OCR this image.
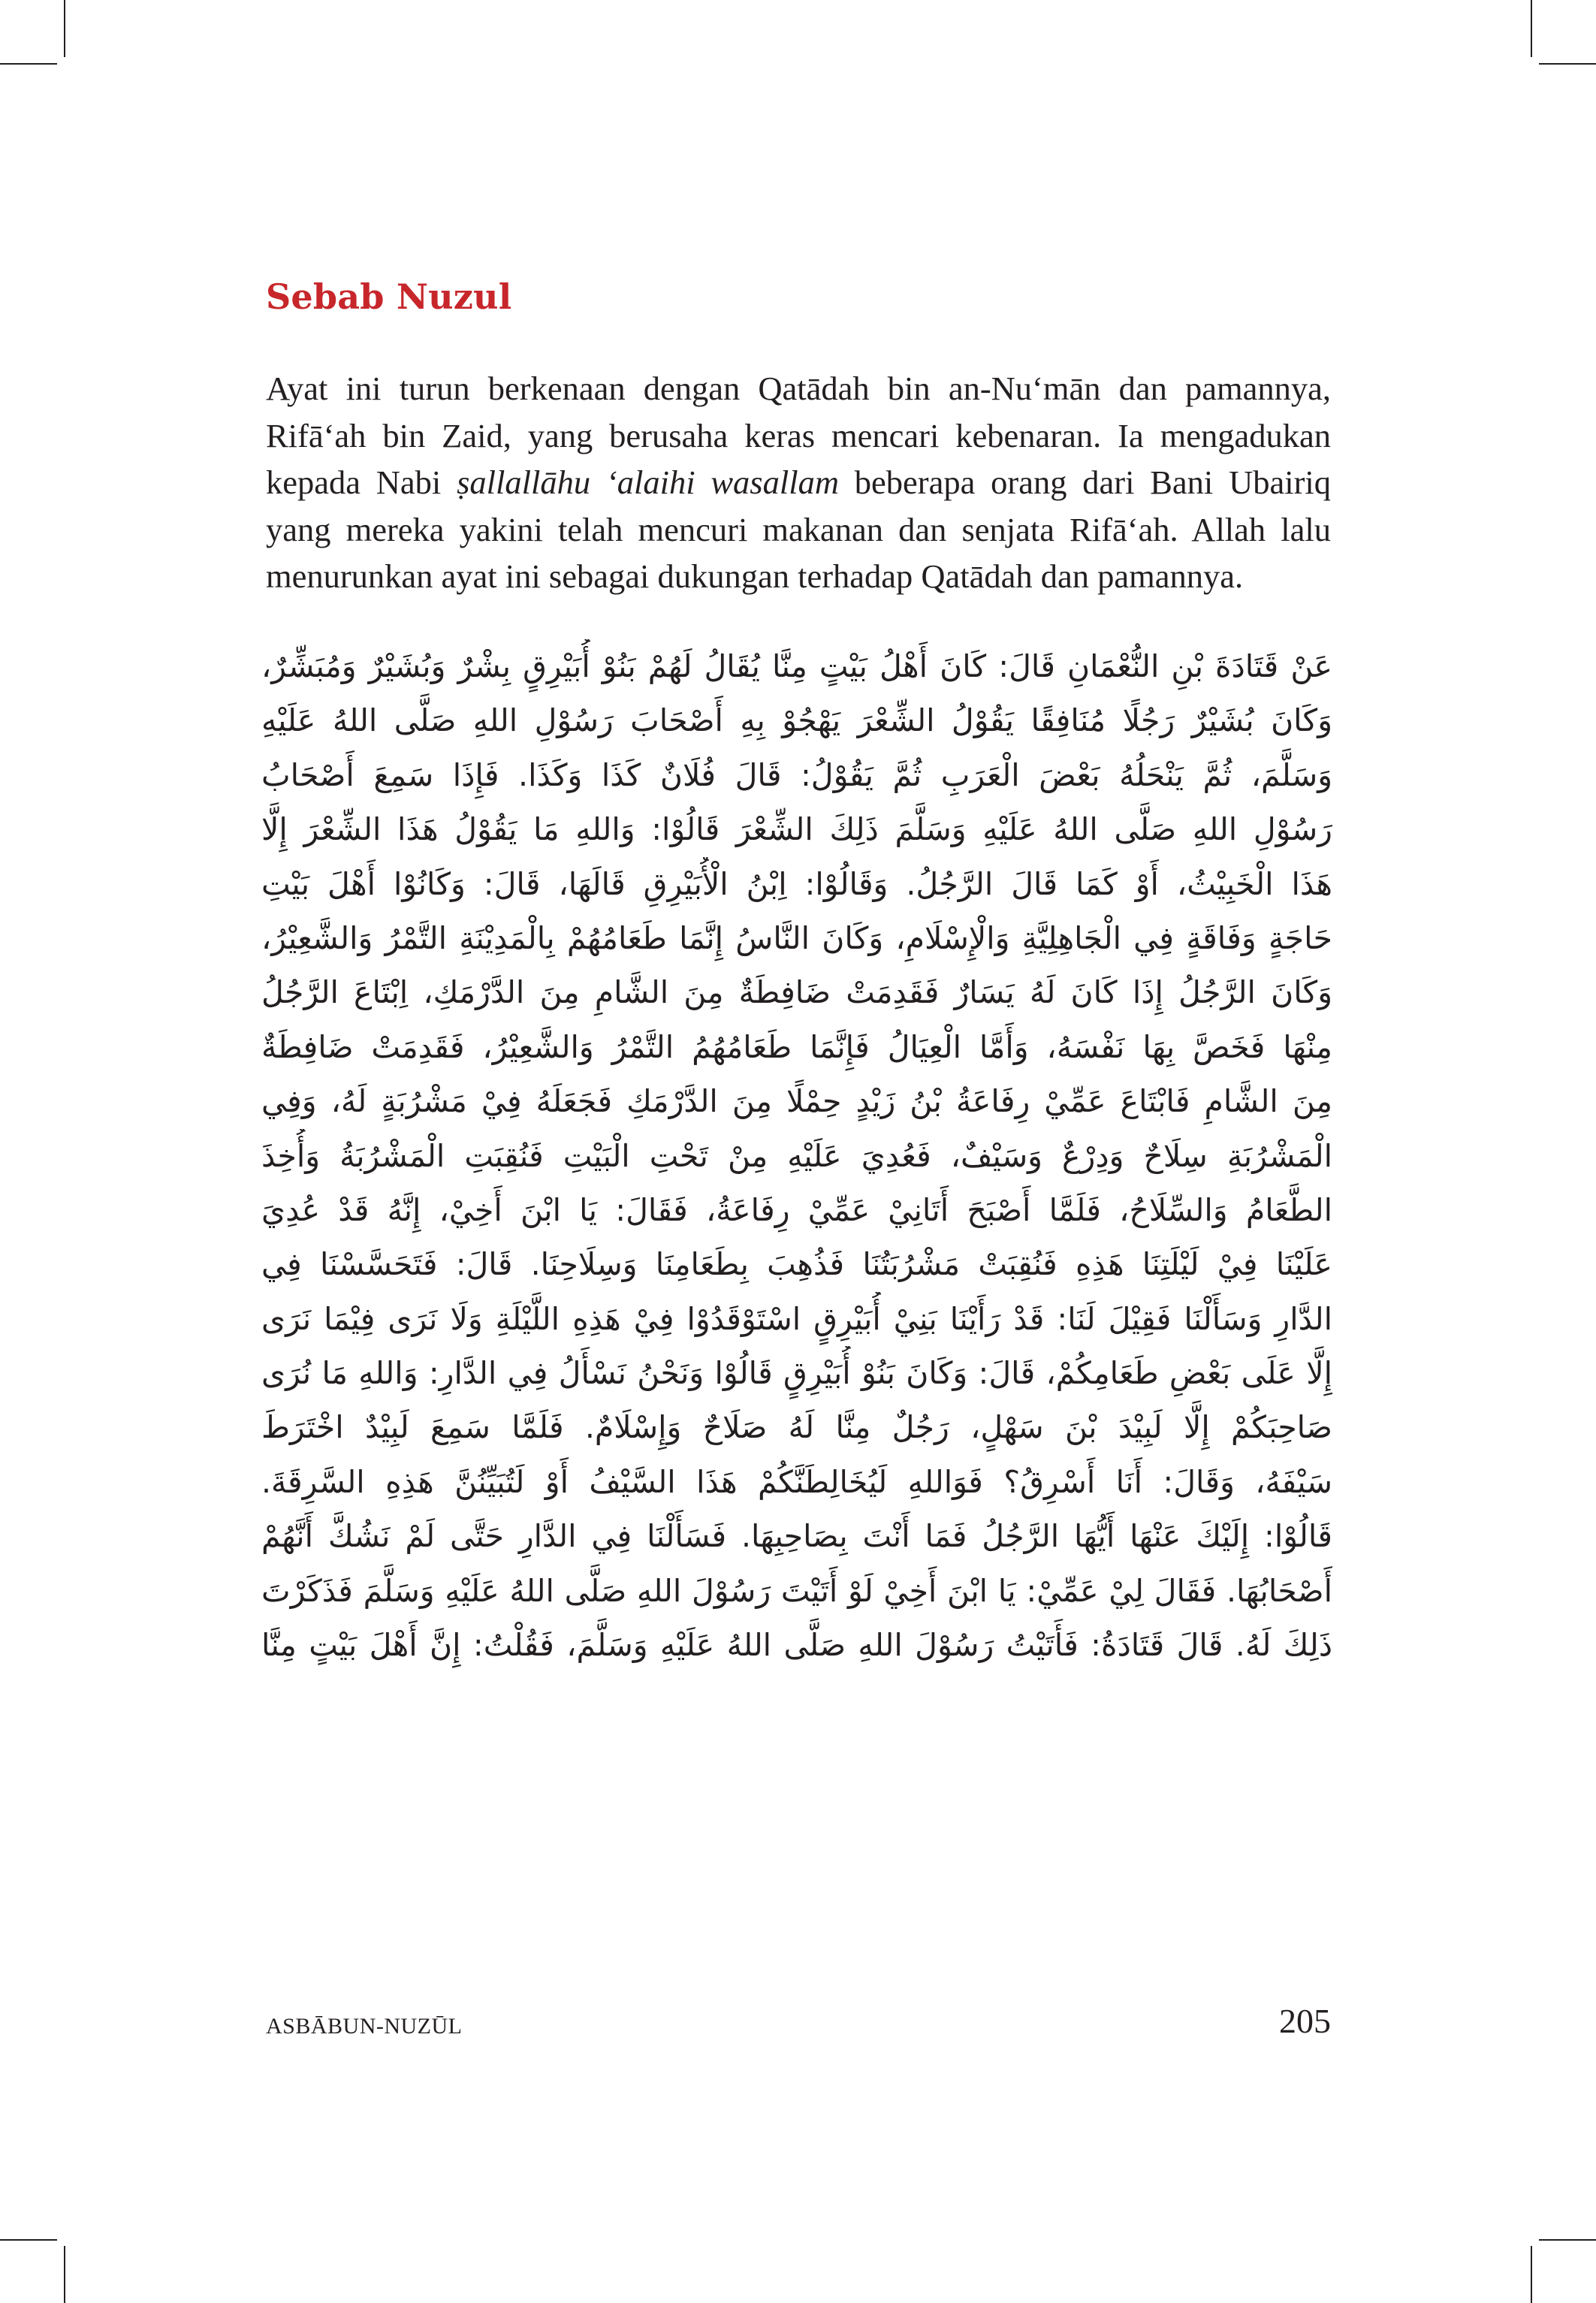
Sebab Nuzul

Ayat ini turun berkenaan dengan Qatādah bin an-Nu‘mān dan pamannya, Rifā‘ah bin Zaid, yang berusaha keras mencari kebenaran. Ia mengadukan kepada Nabi ṣallallāhu ‘alaihi wasallam beberapa orang dari Bani Ubairiq yang mereka yakini telah mencuri makanan dan senjata Rifā‘ah. Allah lalu menurunkan ayat ini sebagai dukungan terhadap Qatādah dan pamannya.

عَنْ قَتَادَةَ بْنِ النُّعْمَانِ قَالَ: كَانَ أَهْلُ بَيْتٍ مِنَّا يُقَالُ لَهُمْ بَنُوْ أُبَيْرِقٍ بِشْرٌ وَبُشَيْرٌ وَمُبَشِّرٌ،
وَكَانَ بُشَيْرٌ رَجُلًا مُنَافِقًا يَقُوْلُ الشِّعْرَ يَهْجُوْ بِهِ أَصْحَابَ رَسُوْلِ اللهِ صَلَّى اللهُ عَلَيْهِ
وَسَلَّمَ، ثُمَّ يَنْحَلُهُ بَعْضَ الْعَرَبِ ثُمَّ يَقُوْلُ: قَالَ فُلَانٌ كَذَا وَكَذَا. فَإِذَا سَمِعَ أَصْحَابُ
رَسُوْلِ اللهِ صَلَّى اللهُ عَلَيْهِ وَسَلَّمَ ذَلِكَ الشِّعْرَ قَالُوْا: وَاللهِ مَا يَقُوْلُ هَذَا الشِّعْرَ إِلَّا
هَذَا الْخَبِيْثُ، أَوْ كَمَا قَالَ الرَّجُلُ. وَقَالُوْا: اِبْنُ الْأُبَيْرِقِ قَالَهَا، قَالَ: وَكَانُوْا أَهْلَ بَيْتِ
حَاجَةٍ وَفَاقَةٍ فِي الْجَاهِلِيَّةِ وَالْإِسْلَامِ، وَكَانَ النَّاسُ إِنَّمَا طَعَامُهُمْ بِالْمَدِيْنَةِ التَّمْرُ وَالشَّعِيْرُ،
وَكَانَ الرَّجُلُ إِذَا كَانَ لَهُ يَسَارٌ فَقَدِمَتْ ضَافِطَةٌ مِنَ الشَّامِ مِنَ الدَّرْمَكِ، اِبْتَاعَ الرَّجُلُ
مِنْهَا فَخَصَّ بِهَا نَفْسَهُ، وَأَمَّا الْعِيَالُ فَإِنَّمَا طَعَامُهُمُ التَّمْرُ وَالشَّعِيْرُ، فَقَدِمَتْ ضَافِطَةٌ
مِنَ الشَّامِ فَابْتَاعَ عَمِّيْ رِفَاعَةُ بْنُ زَيْدٍ حِمْلًا مِنَ الدَّرْمَكِ فَجَعَلَهُ فِيْ مَشْرُبَةٍ لَهُ، وَفِي
الْمَشْرُبَةِ سِلَاحٌ وَدِرْعٌ وَسَيْفٌ، فَعُدِيَ عَلَيْهِ مِنْ تَحْتِ الْبَيْتِ فَنُقِبَتِ الْمَشْرُبَةُ وَأُخِذَ
الطَّعَامُ وَالسِّلَاحُ، فَلَمَّا أَصْبَحَ أَتَانِيْ عَمِّيْ رِفَاعَةُ، فَقَالَ: يَا ابْنَ أَخِيْ، إِنَّهُ قَدْ عُدِيَ
عَلَيْنَا فِيْ لَيْلَتِنَا هَذِهِ فَنُقِبَتْ مَشْرُبَتُنَا فَذُهِبَ بِطَعَامِنَا وَسِلَاحِنَا. قَالَ: فَتَحَسَّسْنَا فِي
الدَّارِ وَسَأَلْنَا فَقِيْلَ لَنَا: قَدْ رَأَيْنَا بَنِيْ أُبَيْرِقٍ اسْتَوْقَدُوْا فِيْ هَذِهِ اللَّيْلَةِ وَلَا نَرَى فِيْمَا نَرَى
إِلَّا عَلَى بَعْضِ طَعَامِكُمْ، قَالَ: وَكَانَ بَنُوْ أُبَيْرِقٍ قَالُوْا وَنَحْنُ نَسْأَلُ فِي الدَّارِ: وَاللهِ مَا نُرَى
صَاحِبَكُمْ إِلَّا لَبِيْدَ بْنَ سَهْلٍ، رَجُلٌ مِنَّا لَهُ صَلَاحٌ وَإِسْلَامٌ. فَلَمَّا سَمِعَ لَبِيْدٌ اخْتَرَطَ
سَيْفَهُ، وَقَالَ: أَنَا أَسْرِقُ؟ فَوَاللهِ لَيُخَالِطَنَّكُمْ هَذَا السَّيْفُ أَوْ لَتُبَيِّنُنَّ هَذِهِ السَّرِقَةَ.
قَالُوْا: إِلَيْكَ عَنْهَا أَيُّهَا الرَّجُلُ فَمَا أَنْتَ بِصَاحِبِهَا. فَسَأَلْنَا فِي الدَّارِ حَتَّى لَمْ نَشُكَّ أَنَّهُمْ
أَصْحَابُهَا. فَقَالَ لِيْ عَمِّيْ: يَا ابْنَ أَخِيْ لَوْ أَتَيْتَ رَسُوْلَ اللهِ صَلَّى اللهُ عَلَيْهِ وَسَلَّمَ فَذَكَرْتَ
ذَلِكَ لَهُ. قَالَ قَتَادَةُ: فَأَتَيْتُ رَسُوْلَ اللهِ صَلَّى اللهُ عَلَيْهِ وَسَلَّمَ، فَقُلْتُ: إِنَّ أَهْلَ بَيْتٍ مِنَّا
ASBĀBUN-NUZŪL	205
